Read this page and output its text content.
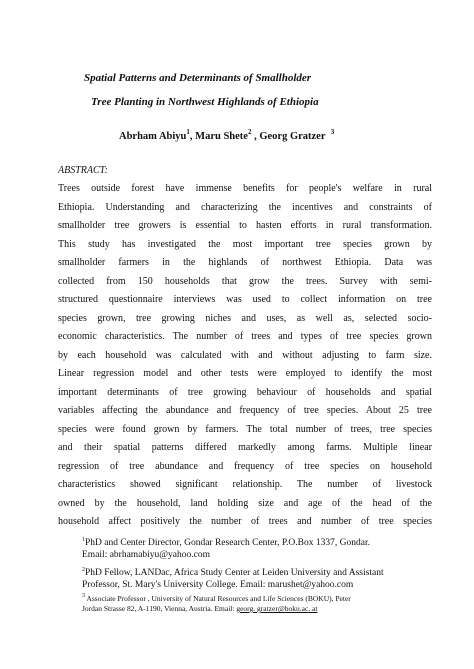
Spatial Patterns and Determinants of Smallholder
Tree Planting in Northwest Highlands of Ethiopia
Abrham Abiyu$^1$, Maru Shete$^2$ , Georg Gratzer $^3$
ABSTRACT:
Trees outside forest have immense benefits for people's welfare in rural
Ethiopia. Understanding and characterizing the incentives and constraints of
smallholder tree growers is essential to hasten efforts in rural transformation.
This study has investigated the most important tree species grown by
smallholder farmers in the highlands of northwest Ethiopia. Data was
collected from 150 households that grow the trees. Survey with semi-
structured questionnaire interviews was used to collect information on tree
species grown, tree growing niches and uses, as well as, selected socio-
economic characteristics. The number of trees and types of tree species grown
by each household was calculated with and without adjusting to farm size.
Linear regression model and other tests were employed to identify the most
important determinants of tree growing behaviour of households and spatial
variables affecting the abundance and frequency of tree species. About 25 tree
species were found grown by farmers. The total number of trees, tree species
and their spatial patterns differed markedly among farms. Multiple linear
regression of tree abundance and frequency of tree species on household
characteristics showed significant relationship. The number of livestock
owned by the household, land holding size and age of the head of the
household affect positively the number of trees and number of tree species
$^1$PhD and Center Director, Gondar Research Center, P.O.Box 1337, Gondar.
Email: abrhamabiyu@yahoo.com
$^2$PhD Fellow, LANDac, Africa Study Center at Leiden University and Assistant
Professor, St. Mary's University College. Email: marushet@yahoo.com
$^3$ Associate Professor , University of Natural Resources and Life Sciences (BOKU), Peter
Jordan Strasse 82, A-1190, Vienna, Austria. Email: georg. gratzer@boku.ac. at
